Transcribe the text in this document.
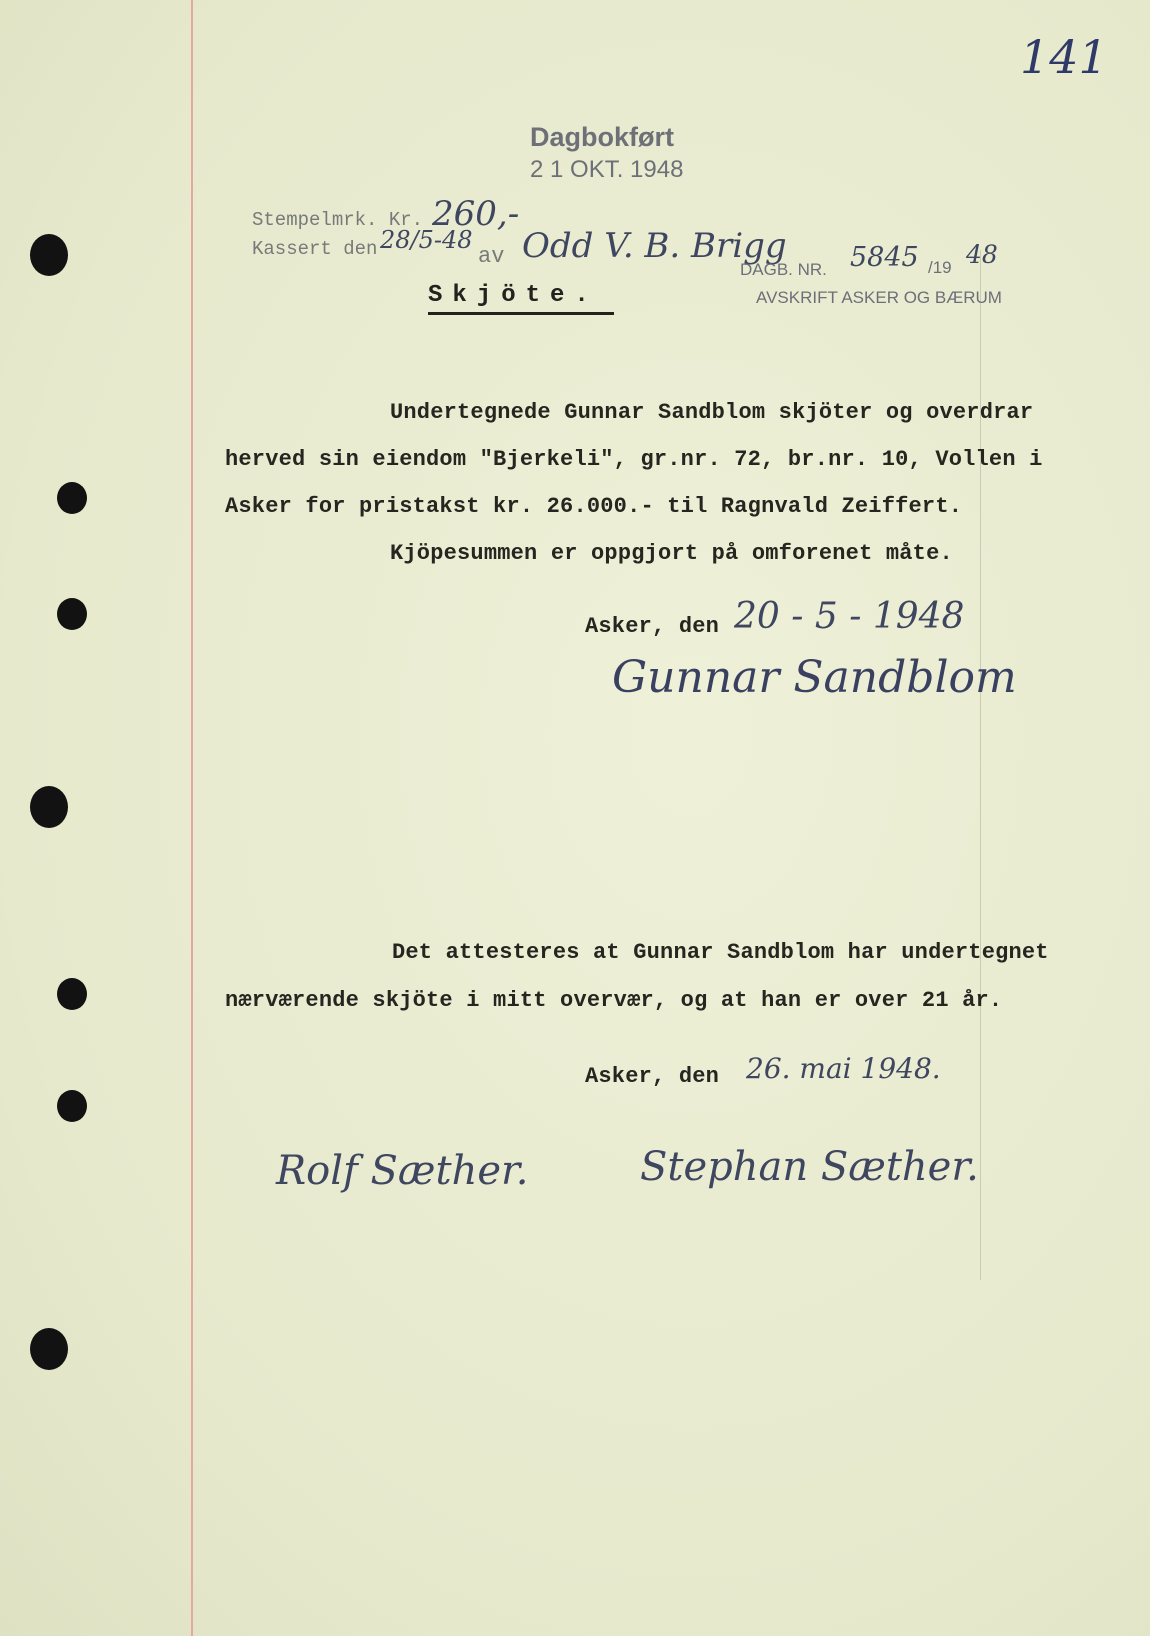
141
Dagbokført
2 1 OKT. 1948
Stempelmrk. Kr. 260,-
Kassert den 28/5-48
av Odd V. B. Brigg
DAGB. NR. 5845 /19 48
AVSKRIFT ASKER OG BÆRUM
Skjöte.
Undertegnede Gunnar Sandblom skjöter og overdrar
herved sin eiendom "Bjerkeli", gr.nr. 72, br.nr. 10, Vollen i
Asker for pristakst kr. 26.000.- til Ragnvald Zeiffert.
Kjöpesummen er oppgjort på omforenet måte.
Asker, den 20 - 5 - 1948
Gunnar Sandblom
Det attesteres at Gunnar Sandblom har undertegnet
nærværende skjöte i mitt overvær, og at han er over 21 år.
Asker, den 26. mai 1948.
Rolf Sæther.	Stephan Sæther.
